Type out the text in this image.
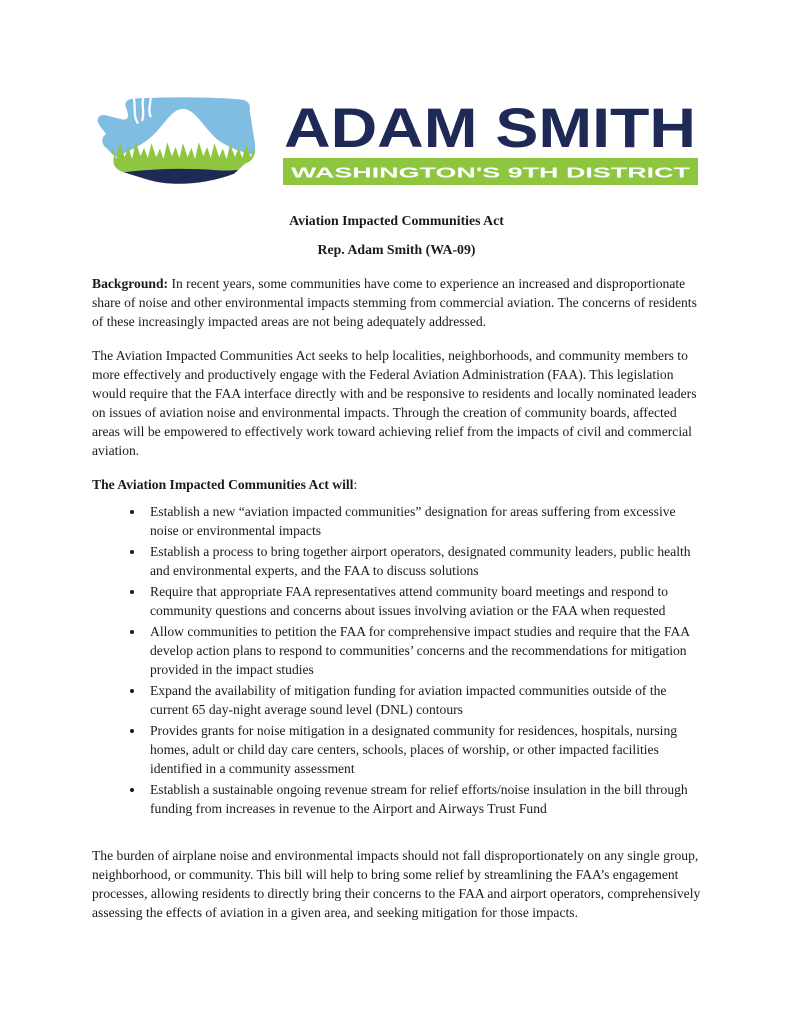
ADAM SMITH
WASHINGTON'S 9TH DISTRICT

Aviation Impacted Communities Act

Rep. Adam Smith (WA-09)

Background: In recent years, some communities have come to experience an increased and disproportionate share of noise and other environmental impacts stemming from commercial aviation. The concerns of residents of these increasingly impacted areas are not being adequately addressed.

The Aviation Impacted Communities Act seeks to help localities, neighborhoods, and community members to more effectively and productively engage with the Federal Aviation Administration (FAA). This legislation would require that the FAA interface directly with and be responsive to residents and locally nominated leaders on issues of aviation noise and environmental impacts. Through the creation of community boards, affected areas will be empowered to effectively work toward achieving relief from the impacts of civil and commercial aviation.

The Aviation Impacted Communities Act will:

• Establish a new “aviation impacted communities” designation for areas suffering from excessive noise or environmental impacts
• Establish a process to bring together airport operators, designated community leaders, public health and environmental experts, and the FAA to discuss solutions
• Require that appropriate FAA representatives attend community board meetings and respond to community questions and concerns about issues involving aviation or the FAA when requested
• Allow communities to petition the FAA for comprehensive impact studies and require that the FAA develop action plans to respond to communities’ concerns and the recommendations for mitigation provided in the impact studies
• Expand the availability of mitigation funding for aviation impacted communities outside of the current 65 day-night average sound level (DNL) contours
• Provides grants for noise mitigation in a designated community for residences, hospitals, nursing homes, adult or child day care centers, schools, places of worship, or other impacted facilities identified in a community assessment
• Establish a sustainable ongoing revenue stream for relief efforts/noise insulation in the bill through funding from increases in revenue to the Airport and Airways Trust Fund

The burden of airplane noise and environmental impacts should not fall disproportionately on any single group, neighborhood, or community. This bill will help to bring some relief by streamlining the FAA’s engagement processes, allowing residents to directly bring their concerns to the FAA and airport operators, comprehensively assessing the effects of aviation in a given area, and seeking mitigation for those impacts.
